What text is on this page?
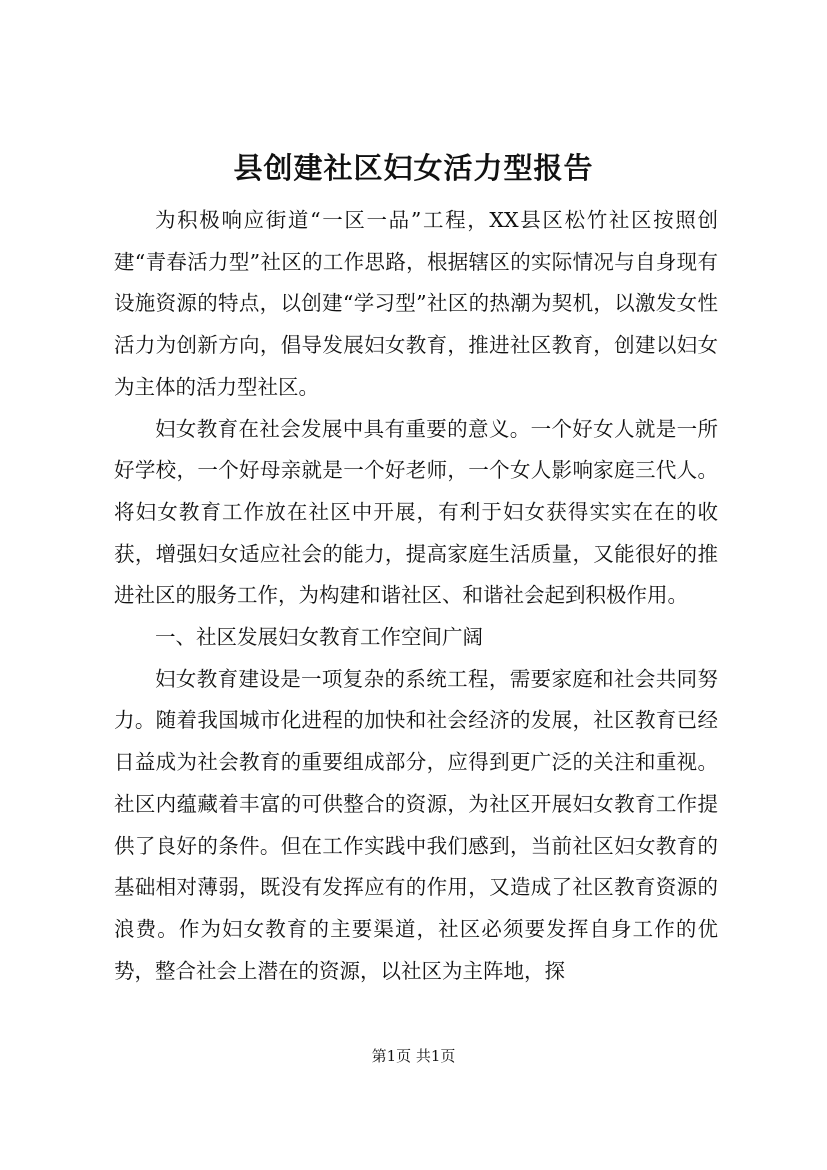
县创建社区妇女活力型报告

为积极响应街道“一区一品”工程，XX县区松竹社区按照创建“青春活力型”社区的工作思路，根据辖区的实际情况与自身现有设施资源的特点，以创建“学习型”社区的热潮为契机，以激发女性活力为创新方向，倡导发展妇女教育，推进社区教育，创建以妇女为主体的活力型社区。

妇女教育在社会发展中具有重要的意义。一个好女人就是一所好学校，一个好母亲就是一个好老师，一个女人影响家庭三代人。将妇女教育工作放在社区中开展，有利于妇女获得实实在在的收获，增强妇女适应社会的能力，提高家庭生活质量，又能很好的推进社区的服务工作，为构建和谐社区、和谐社会起到积极作用。

一、社区发展妇女教育工作空间广阔

妇女教育建设是一项复杂的系统工程，需要家庭和社会共同努力。随着我国城市化进程的加快和社会经济的发展，社区教育已经日益成为社会教育的重要组成部分，应得到更广泛的关注和重视。社区内蕴藏着丰富的可供整合的资源，为社区开展妇女教育工作提供了良好的条件。但在工作实践中我们感到，当前社区妇女教育的基础相对薄弱，既没有发挥应有的作用，又造成了社区教育资源的浪费。作为妇女教育的主要渠道，社区必须要发挥自身工作的优势，整合社会上潜在的资源，以社区为主阵地，探

第1页 共1页
